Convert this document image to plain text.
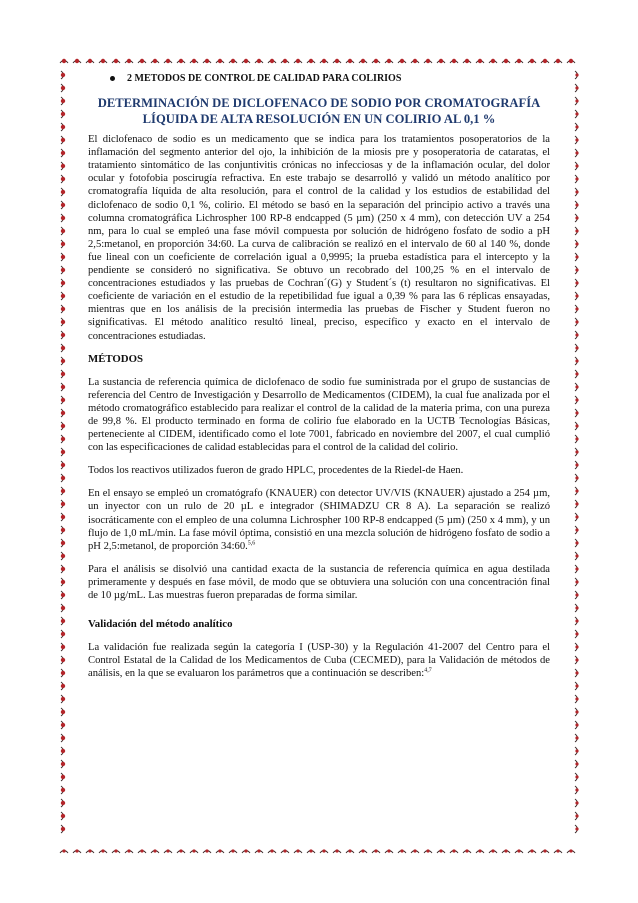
2 METODOS DE CONTROL DE CALIDAD PARA COLIRIOS
DETERMINACIÓN DE DICLOFENACO DE SODIO POR CROMATOGRAFÍA LÍQUIDA DE ALTA RESOLUCIÓN EN UN COLIRIO AL 0,1 %

El diclofenaco de sodio es un medicamento que se indica para los tratamientos posoperatorios de la inflamación del segmento anterior del ojo, la inhibición de la miosis pre y posoperatoria de cataratas, el tratamiento sintomático de las conjuntivitis crónicas no infecciosas y de la inflamación ocular, del dolor ocular y fotofobia poscirugía refractiva. En este trabajo se desarrolló y validó un método analítico por cromatografía líquida de alta resolución, para el control de la calidad y los estudios de estabilidad del diclofenaco de sodio 0,1 %, colirio. El método se basó en la separación del principio activo a través una columna cromatográfica Lichrospher 100 RP-8 endcapped (5 µm) (250 x 4 mm), con detección UV a 254 nm, para lo cual se empleó una fase móvil compuesta por solución de hidrógeno fosfato de sodio a pH 2,5:metanol, en proporción 34:60. La curva de calibración se realizó en el intervalo de 60 al 140 %, donde fue lineal con un coeficiente de correlación igual a 0,9995; la prueba estadística para el intercepto y la pendiente se consideró no significativa. Se obtuvo un recobrado del 100,25 % en el intervalo de concentraciones estudiados y las pruebas de Cochran´(G) y Student´s (t) resultaron no significativas. El coeficiente de variación en el estudio de la repetibilidad fue igual a 0,39 % para las 6 réplicas ensayadas, mientras que en los análisis de la precisión intermedia las pruebas de Fischer y Student fueron no significativas. El método analítico resultó lineal, preciso, específico y exacto en el intervalo de concentraciones estudiadas.

MÉTODOS

La sustancia de referencia química de diclofenaco de sodio fue suministrada por el grupo de sustancias de referencia del Centro de Investigación y Desarrollo de Medicamentos (CIDEM), la cual fue analizada por el método cromatográfico establecido para realizar el control de la calidad de la materia prima, con una pureza de 99,8 %. El producto terminado en forma de colirio fue elaborado en la UCTB Tecnologías Básicas, perteneciente al CIDEM, identificado como el lote 7001, fabricado en noviembre del 2007, el cual cumplió con las especificaciones de calidad establecidas para el control de la calidad del colirio.

Todos los reactivos utilizados fueron de grado HPLC, procedentes de la Riedel-de Haen.

En el ensayo se empleó un cromatógrafo (KNAUER) con detector UV/VIS (KNAUER) ajustado a 254 µm, un inyector con un rulo de 20 µL e integrador (SHIMADZU CR 8 A). La separación se realizó isocráticamente con el empleo de una columna Lichrospher 100 RP-8 endcapped (5 µm) (250 x 4 mm), y un flujo de 1,0 mL/min. La fase móvil óptima, consistió en una mezcla solución de hidrógeno fosfato de sodio a pH 2,5:metanol, de proporción 34:60.$^{5,6}$

Para el análisis se disolvió una cantidad exacta de la sustancia de referencia química en agua destilada primeramente y después en fase móvil, de modo que se obtuviera una solución con una concentración final de 10 µg/mL. Las muestras fueron preparadas de forma similar.

Validación del método analítico

La validación fue realizada según la categoría I (USP-30) y la Regulación 41-2007 del Centro para el Control Estatal de la Calidad de los Medicamentos de Cuba (CECMED), para la Validación de métodos de análisis, en la que se evaluaron los parámetros que a continuación se describen:$^{4,7}$
